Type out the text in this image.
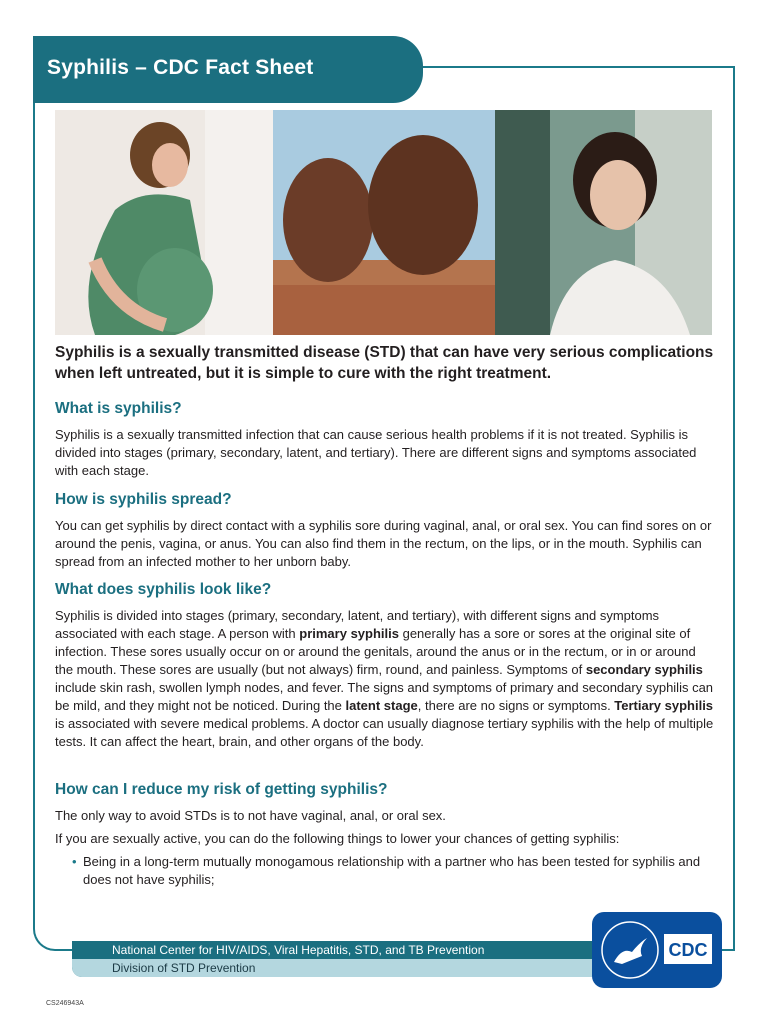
Syphilis – CDC Fact Sheet
Syphilis is a sexually transmitted disease (STD) that can have very serious complications when left untreated, but it is simple to cure with the right treatment.
What is syphilis?

Syphilis is a sexually transmitted infection that can cause serious health problems if it is not treated. Syphilis is divided into stages (primary, secondary, latent, and tertiary). There are different signs and symptoms associated with each stage.

How is syphilis spread?

You can get syphilis by direct contact with a syphilis sore during vaginal, anal, or oral sex. You can find sores on or around the penis, vagina, or anus. You can also find them in the rectum, on the lips, or in the mouth. Syphilis can spread from an infected mother to her unborn baby.

What does syphilis look like?

Syphilis is divided into stages (primary, secondary, latent, and tertiary), with different signs and symptoms associated with each stage. A person with primary syphilis generally has a sore or sores at the original site of infection. These sores usually occur on or around the genitals, around the anus or in the rectum, or in or around the mouth. These sores are usually (but not always) firm, round, and painless. Symptoms of secondary syphilis include skin rash, swollen lymph nodes, and fever. The signs and symptoms of primary and secondary syphilis can be mild, and they might not be noticed. During the latent stage, there are no signs or symptoms. Tertiary syphilis is associated with severe medical problems. A doctor can usually diagnose tertiary syphilis with the help of multiple tests. It can affect the heart, brain, and other organs of the body.

How can I reduce my risk of getting syphilis?

The only way to avoid STDs is to not have vaginal, anal, or oral sex.

If you are sexually active, you can do the following things to lower your chances of getting syphilis:

• Being in a long-term mutually monogamous relationship with a partner who has been tested for syphilis and does not have syphilis;
National Center for HIV/AIDS, Viral Hepatitis, STD, and TB Prevention
Division of STD Prevention
CDC
CS246943A
